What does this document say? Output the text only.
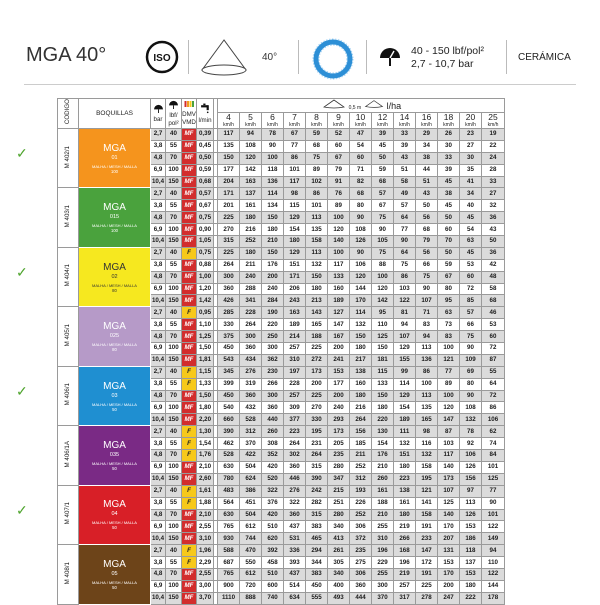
MGA 40°	ISO	40°
40 - 150 lbf/pol²
2,7 - 10,7 bar
CERÁMICA
✓
✓
✓
✓
CÓDIGO	BOQUILLAS	bar	lbf/
pol²	DMV
VMD	l/min		0,5 m l/ha												

							4
km/h	5
km/h	6
km/h	7
km/h	8
km/h	9
km/h	10
km/h	12
km/h	14
km/h	16
km/h	18
km/h	20
km/h	25
km/h

M 402/1	MGA
01
MALHA / MESH / MALLA
100	2,7	40	MF	0,39		117	94	78	67	59	52	47	39	33	29	26	23	19
		3,8	55	MF	0,45		135	108	90	77	68	60	54	45	39	34	30	27	22
		4,8	70	MF	0,50		150	120	100	86	75	67	60	50	43	38	33	30	24
		6,9	100	MF	0,59		177	142	118	101	89	79	71	59	51	44	39	35	28
		10,4	150	MF	0,68		204	163	136	117	102	91	82	68	58	51	45	41	33
M 403/1	MGA
015
MALHA / MESH / MALLA
100	2,7	40	MF	0,57		171	137	114	98	86	76	68	57	49	43	38	34	27
		3,8	55	MF	0,67		201	161	134	115	101	89	80	67	57	50	45	40	32
		4,8	70	MF	0,75		225	180	150	129	113	100	90	75	64	56	50	45	36
		6,9	100	MF	0,90		270	216	180	154	135	120	108	90	77	68	60	54	43
		10,4	150	MF	1,05		315	252	210	180	158	140	126	105	90	79	70	63	50
M 404/1	MGA
02
MALHA / MESH / MALLA
80	2,7	40	F	0,75		225	180	150	129	113	100	90	75	64	56	50	45	36
		3,8	55	MF	0,88		264	211	176	151	132	117	106	88	75	66	59	53	42
		4,8	70	MF	1,00		300	240	200	171	150	133	120	100	86	75	67	60	48
		6,9	100	MF	1,20		360	288	240	206	180	160	144	120	103	90	80	72	58
		10,4	150	MF	1,42		426	341	284	243	213	189	170	142	122	107	95	85	68
M 405/1	MGA
025
MALHA / MESH / MALLA
80	2,7	40	F	0,95		285	228	190	163	143	127	114	95	81	71	63	57	46
		3,8	55	MF	1,10		330	264	220	189	165	147	132	110	94	83	73	66	53
		4,8	70	MF	1,25		375	300	250	214	188	167	150	125	107	94	83	75	60
		6,9	100	MF	1,50		450	360	300	257	225	200	180	150	129	113	100	90	72
		10,4	150	MF	1,81		543	434	362	310	272	241	217	181	155	136	121	109	87
M 406/1	MGA
03
MALHA / MESH / MALLA
50	2,7	40	F	1,15		345	276	230	197	173	153	138	115	99	86	77	69	55
		3,8	55	F	1,33		399	319	266	228	200	177	160	133	114	100	89	80	64
		4,8	70	MF	1,50		450	360	300	257	225	200	180	150	129	113	100	90	72
		6,9	100	MF	1,80		540	432	360	309	270	240	216	180	154	135	120	108	86
		10,4	150	MF	2,20		660	528	440	377	330	293	264	220	189	165	147	132	106
M 406/1A	MGA
035
MALHA / MESH / MALLA
50	2,7	40	F	1,30		390	312	260	223	195	173	156	130	111	98	87	78	62
		3,8	55	F	1,54		462	370	308	264	231	205	185	154	132	116	103	92	74
		4,8	70	F	1,76		528	422	352	302	264	235	211	176	151	132	117	106	84
		6,9	100	MF	2,10		630	504	420	360	315	280	252	210	180	158	140	126	101
		10,4	150	MF	2,60		780	624	520	446	390	347	312	260	223	195	173	156	125
M 407/1	MGA
04
MALHA / MESH / MALLA
50	2,7	40	F	1,61		483	386	322	276	242	215	193	161	138	121	107	97	77
		3,8	55	F	1,88		564	451	376	322	282	251	226	188	161	141	125	113	90
		4,8	70	MF	2,10		630	504	420	360	315	280	252	210	180	158	140	126	101
		6,9	100	MF	2,55		765	612	510	437	383	340	306	255	219	191	170	153	122
		10,4	150	MF	3,10		930	744	620	531	465	413	372	310	266	233	207	186	149
M 408/1	MGA
05
MALHA / MESH / MALLA
50	2,7	40	F	1,96		588	470	392	336	294	261	235	196	168	147	131	118	94
		3,8	55	F	2,29		687	550	458	393	344	305	275	229	196	172	153	137	110
		4,8	70	MF	2,55		765	612	510	437	383	340	306	255	219	191	170	153	122
		6,9	100	MF	3,00		900	720	600	514	450	400	360	300	257	225	200	180	144
		10,4	150	MF	3,70		1110	888	740	634	555	493	444	370	317	278	247	222	178
